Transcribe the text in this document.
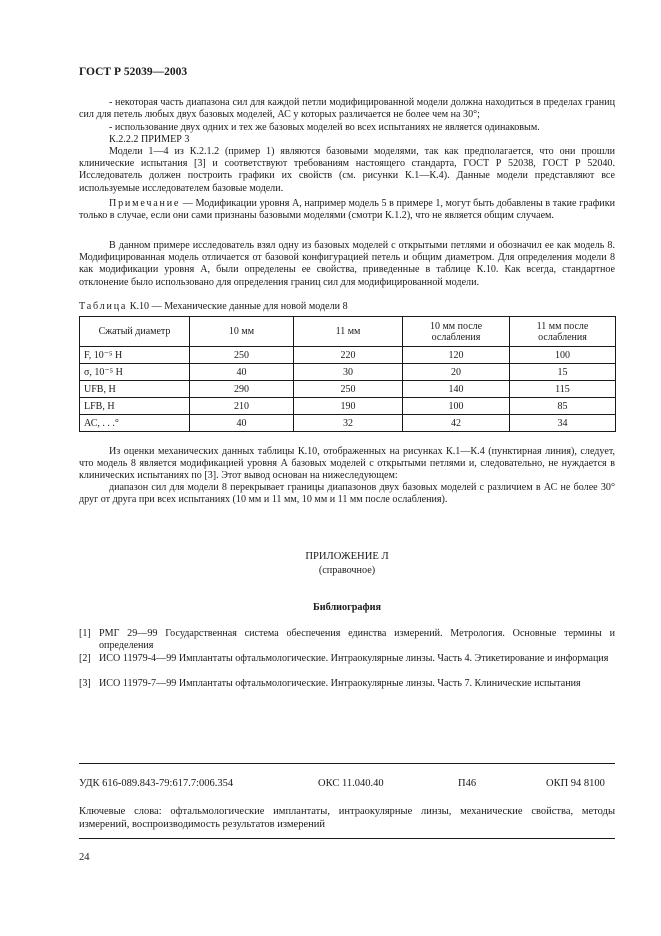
ГОСТ Р 52039—2003
- некоторая часть диапазона сил для каждой петли модифицированной модели должна находиться в пределах границ сил для петель любых двух базовых моделей, АС у которых различается не более чем на 30°;
- использование двух одних и тех же базовых моделей во всех испытаниях не является одинаковым.
К.2.2.2 ПРИМЕР 3
Модели 1—4 из К.2.1.2 (пример 1) являются базовыми моделями, так как предполагается, что они прошли клинические испытания [3] и соответствуют требованиям настоящего стандарта, ГОСТ Р 52038, ГОСТ Р 52040. Исследователь должен построить графики их свойств (см. рисунки К.1—К.4). Данные модели представляют все используемые исследователем базовые модели.
Примечание — Модификации уровня А, например модель 5 в примере 1, могут быть добавлены в такие графики только в случае, если они сами признаны базовыми моделями (смотри К.1.2), что не является общим случаем.
В данном примере исследователь взял одну из базовых моделей с открытыми петлями и обозначил ее как модель 8. Модифицированная модель отличается от базовой конфигурацией петель и общим диаметром. Для определения модели 8 как модификации уровня А, были определены ее свойства, приведенные в таблице К.10. Как всегда, стандартное отклонение было использовано для определения границ сил для модифицированной модели.
Таблица К.10 — Механические данные для новой модели 8
Сжатый диаметр	10 мм	11 мм	10 мм после ослабления	11 мм после ослабления
F, 10⁻⁵ Н	250	220	120	100
σ, 10⁻⁵ Н	40	30	20	15
UFB, Н	290	250	140	115
LFB, Н	210	190	100	85
АС, . . .°	40	32	42	34
Из оценки механических данных таблицы К.10, отображенных на рисунках К.1—К.4 (пунктирная линия), следует, что модель 8 является модификацией уровня А базовых моделей с открытыми петлями и, следовательно, не нуждается в клинических испытаниях по [3]. Этот вывод основан на нижеследующем:
диапазон сил для модели 8 перекрывает границы диапазонов двух базовых моделей с различием в АС не более 30° друг от друга при всех испытаниях (10 мм и 11 мм, 10 мм и 11 мм после ослабления).
ПРИЛОЖЕНИЕ Л
(справочное)
Библиография
[1] РМГ 29—99 Государственная система обеспечения единства измерений. Метрология. Основные термины и определения
[2] ИСО 11979-4—99 Имплантаты офтальмологические. Интраокулярные линзы. Часть 4. Этикетирование и информация
[3] ИСО 11979-7—99 Имплантаты офтальмологические. Интраокулярные линзы. Часть 7. Клинические испытания
УДК 616-089.843-79:617.7:006.354	ОКС 11.040.40	П46	ОКП 94 8100
Ключевые слова: офтальмологические имплантаты, интраокулярные линзы, механические свойства, методы измерений, воспроизводимость результатов измерений
24
